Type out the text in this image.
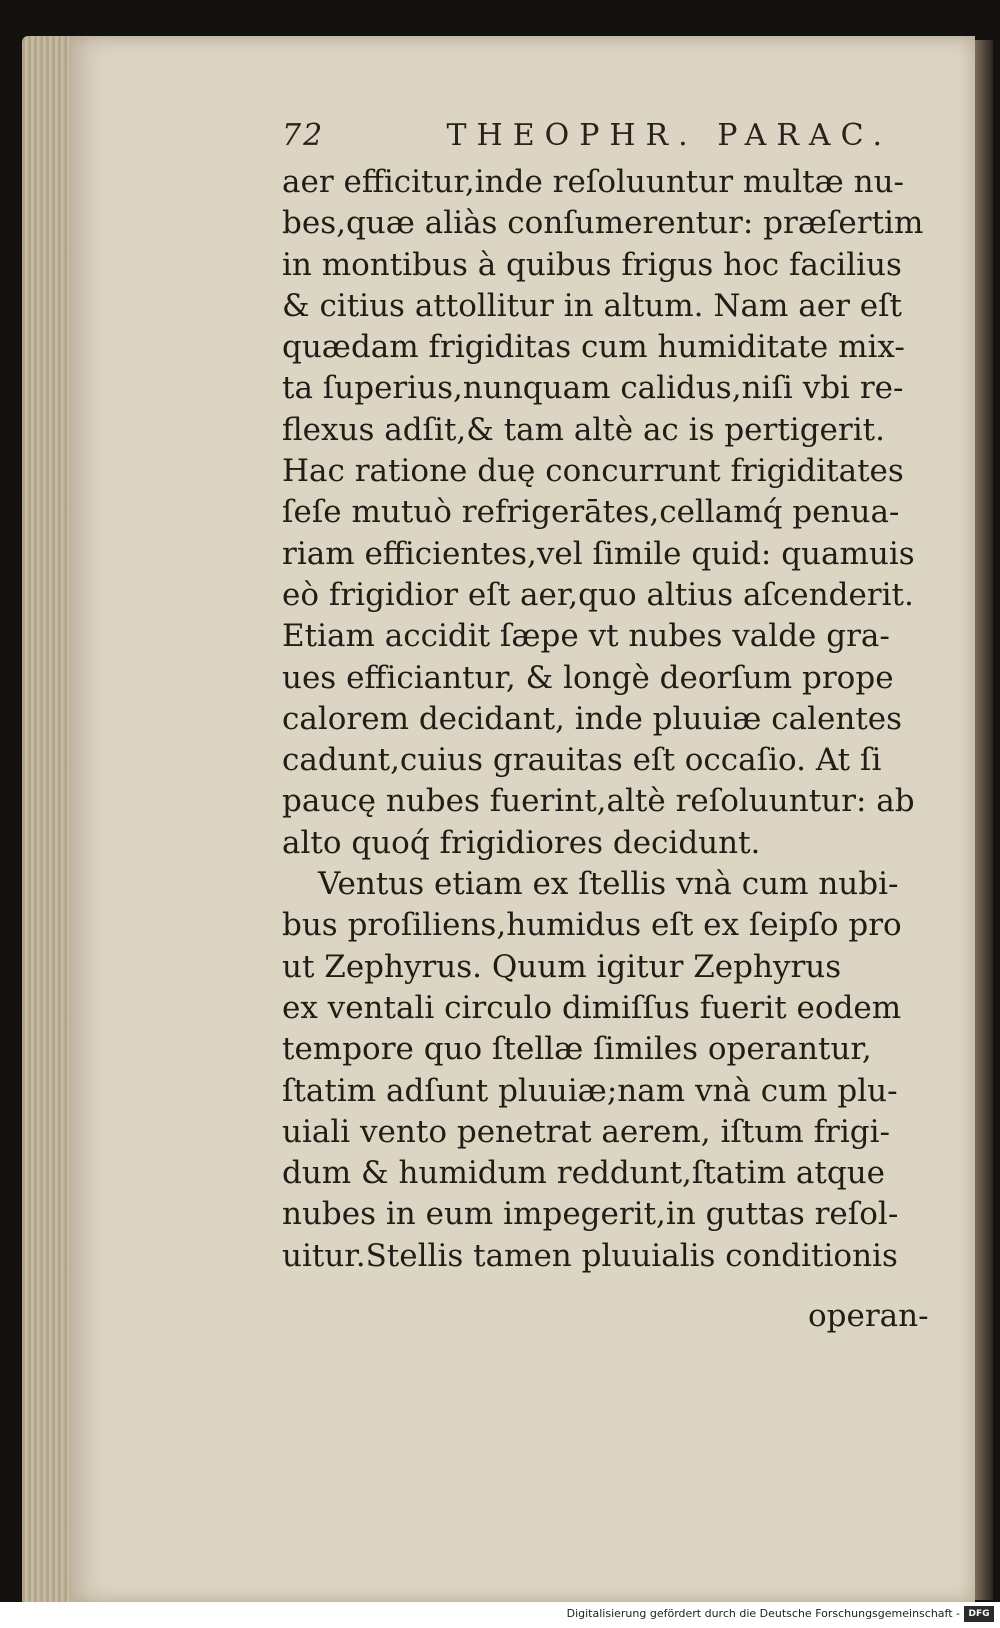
72	THEOPHR. PARAC.
aer efficitur,inde reſoluuntur multæ nu-
bes,quæ aliàs conſumerentur: præſertim
in montibus à quibus frigus hoc facilius
& citius attollitur in altum. Nam aer eſt
quædam frigiditas cum humiditate mix-
ta ſuperius,nunquam calidus,niſi vbi re-
flexus adſit,& tam altè ac is pertigerit.
Hac ratione duę concurrunt frigiditates
ſeſe mutuò refrigerātes,cellamq́ penua-
riam efficientes,vel ſimile quid: quamuis
eò frigidior eſt aer,quo altius aſcenderit.
Etiam accidit ſæpe vt nubes valde gra-
ues efficiantur, & longè deorſum prope
calorem decidant, inde pluuiæ calentes
cadunt,cuius grauitas eſt occaſio. At ſi
paucę nubes fuerint,altè reſoluuntur: ab
alto quoq́ frigidiores decidunt.
Ventus etiam ex ſtellis vnà cum nubi-
bus proſiliens,humidus eſt ex ſeipſo pro
ut Zephyrus. Quum igitur Zephyrus
ex ventali circulo dimiſſus fuerit eodem
tempore quo ſtellæ ſimiles operantur,
ſtatim adſunt pluuiæ;nam vnà cum plu-
uiali vento penetrat aerem, iſtum frigi-
dum & humidum reddunt,ſtatim atque
nubes in eum impegerit,in guttas reſol-
uitur.Stellis tamen pluuialis conditionis
operan-
Digitalisierung gefördert durch die Deutsche Forschungsgemeinschaft - DFG
